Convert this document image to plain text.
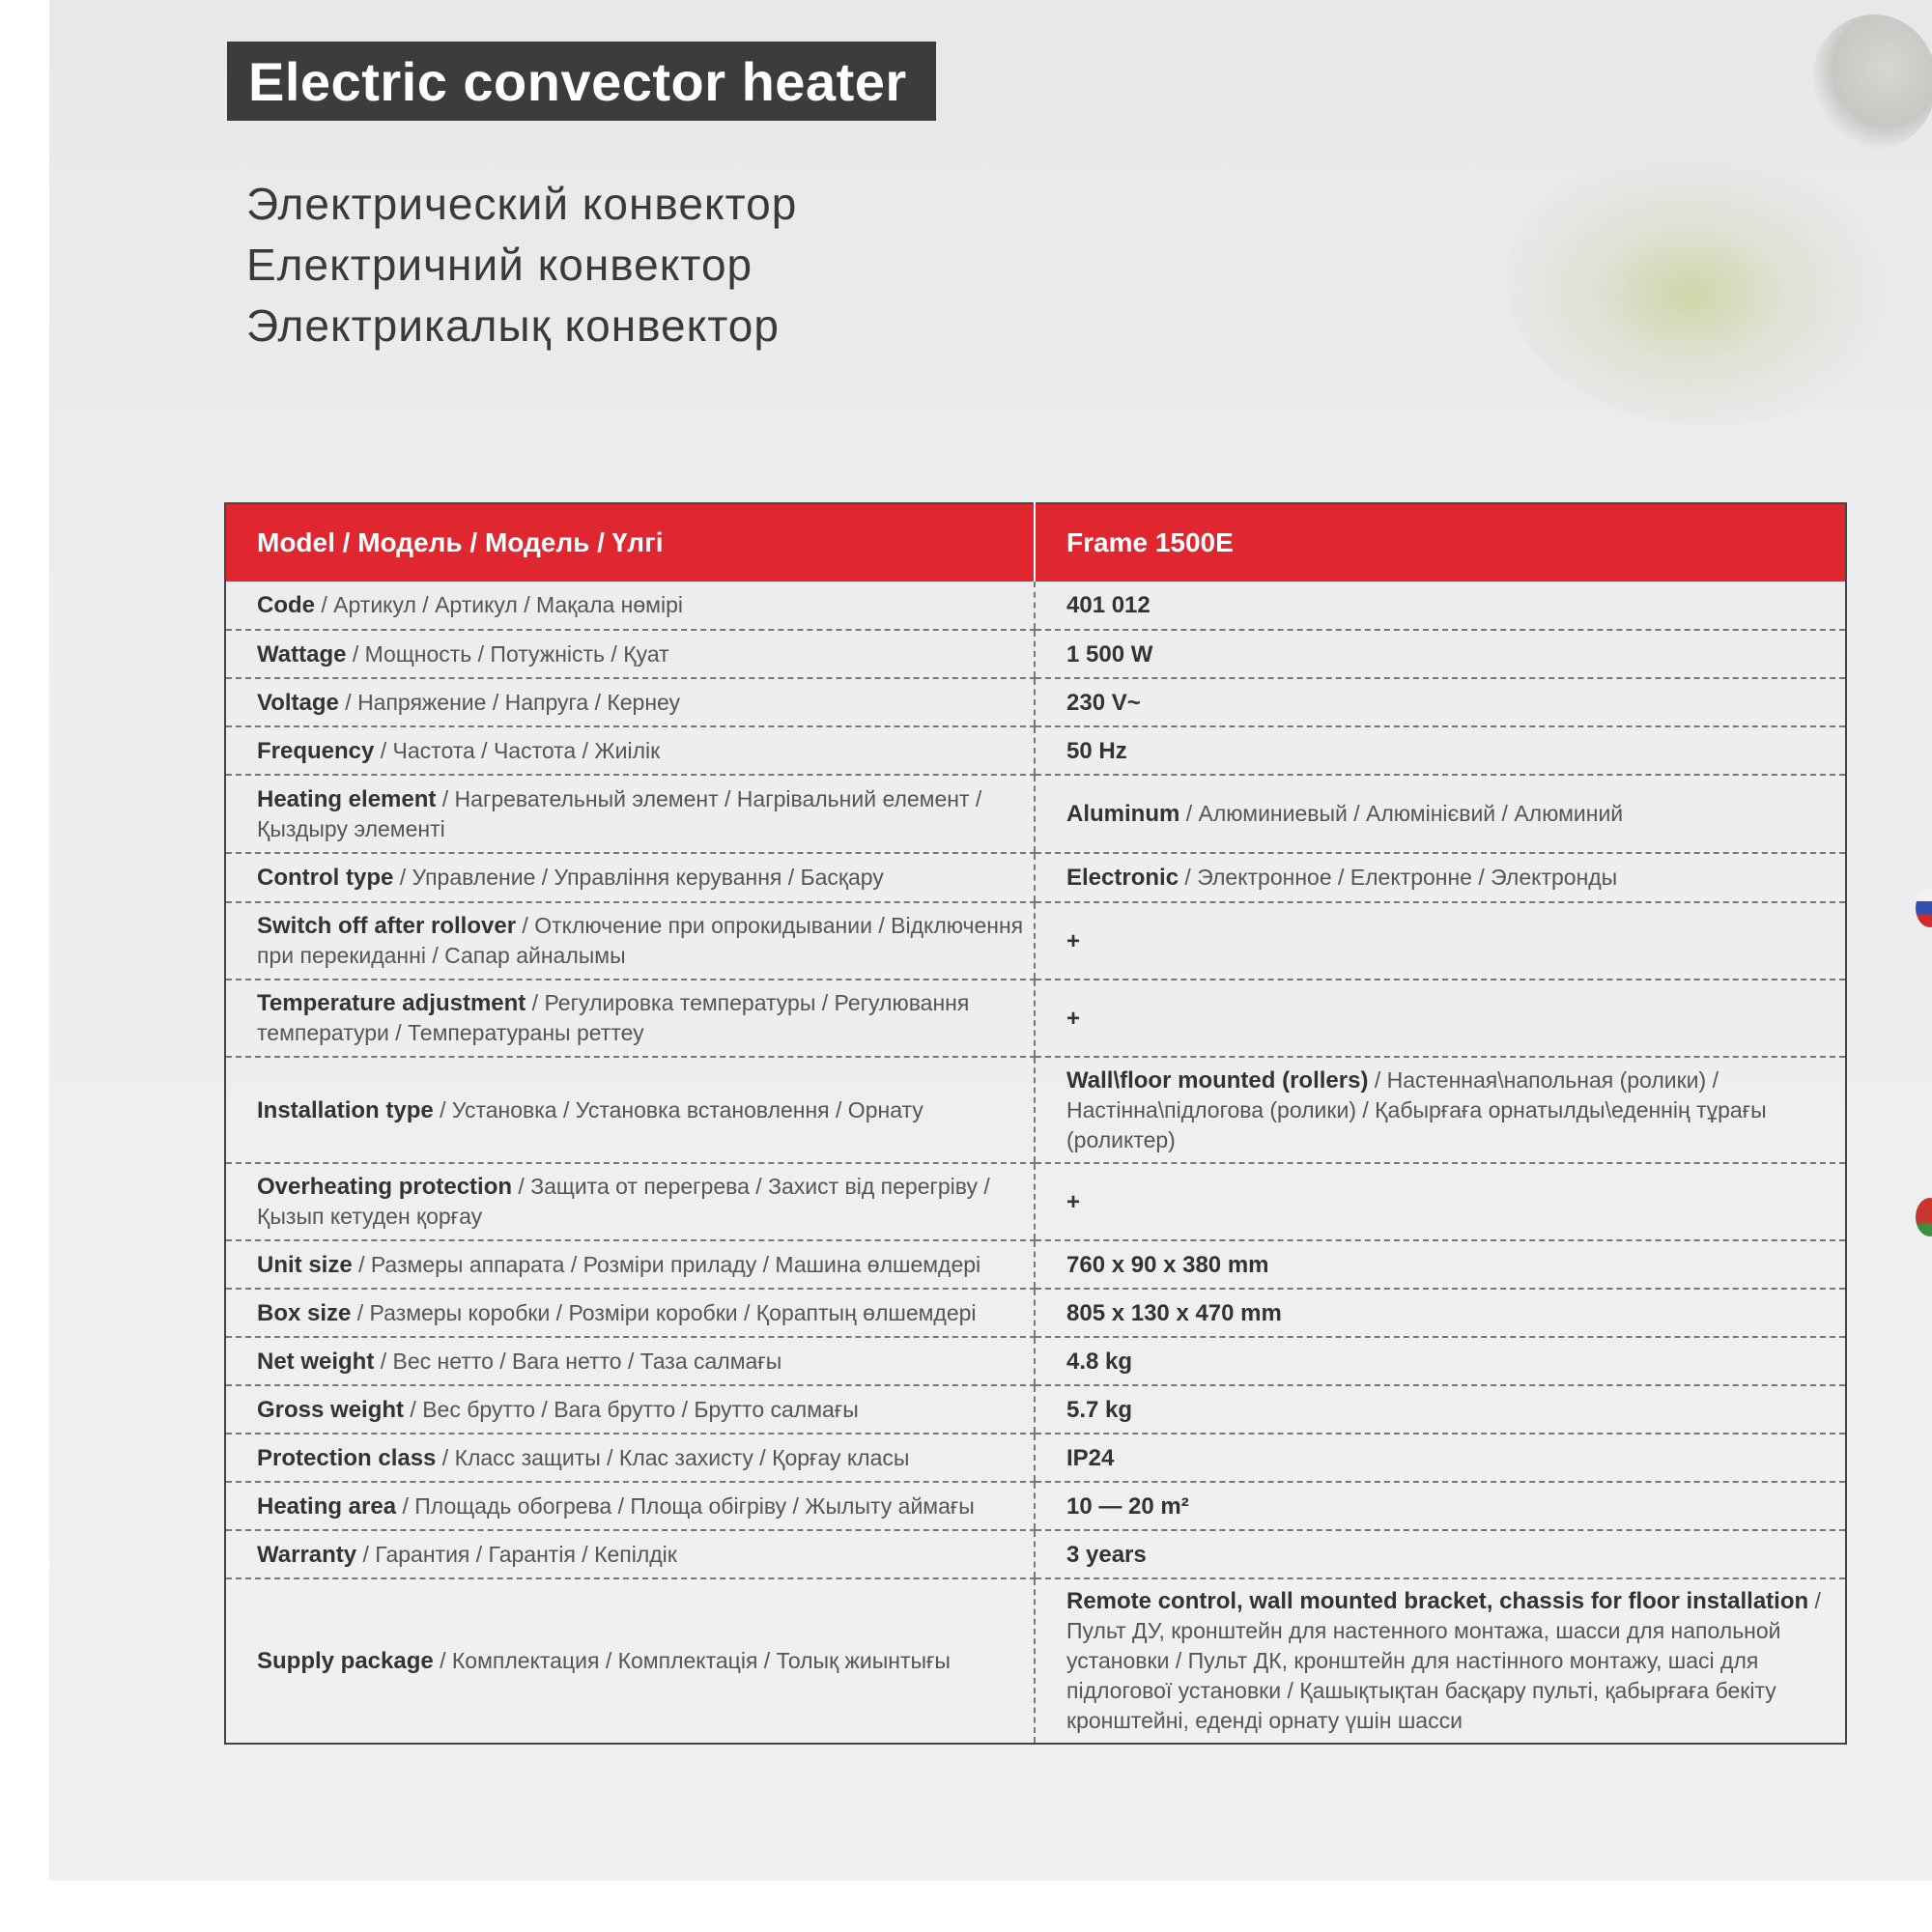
Electric convector heater
Электрический конвектор
Електричний конвектор
Электрикалық конвектор
Model / Модель / Модель / Үлгі	Frame 1500E
Code / Артикул / Артикул / Мақала нөмірі	401 012
Wattage / Мощность / Потужність / Қуат	1 500 W
Voltage / Напряжение / Напруга / Кернеу	230 V~
Frequency / Частота / Частота / Жиілік	50 Hz
Heating element / Нагревательный элемент / Нагрівальний елемент / Қыздыру элементі	Aluminum / Алюминиевый / Алюмінієвий / Алюминий
Control type / Управление / Управління керування / Басқару	Electronic / Электронное / Електронне / Электронды
Switch off after rollover / Отключение при опрокидывании / Відключення при перекиданні / Сапар айналымы	+
Temperature adjustment / Регулировка температуры / Регулювання температури / Температураны реттеу	+
Installation type / Установка / Установка встановлення / Орнату	Wall\floor mounted (rollers) / Настенная\напольная (ролики) / Настінна\підлогова (ролики) / Қабырғаға орнатылды\еденнің тұрағы (роликтер)
Overheating protection / Защита от перегрева / Захист від перегріву / Қызып кетуден қорғау	+
Unit size / Размеры аппарата / Розміри приладу / Машина өлшемдері	760 x 90 x 380 mm
Box size / Размеры коробки / Розміри коробки / Қорaптың өлшемдері	805 x 130 x 470 mm
Net weight / Вес нетто / Вага нетто / Таза салмағы	4.8 kg
Gross weight / Вес брутто / Вага брутто / Брутто салмағы	5.7 kg
Protection class / Класс защиты / Клас захисту / Қорғау класы	IP24
Heating area / Площадь обогрева / Площа обігріву / Жылыту аймағы	10 — 20 m²
Warranty / Гарантия / Гарантія / Кепілдік	3 years
Supply package / Комплектация / Комплектація / Толық жиынтығы	Remote control, wall mounted bracket, chassis for floor installation / Пульт ДУ, кронштейн для настенного монтажа, шасси для напольной установки / Пульт ДК, кронштейн для настінного монтажу, шасі для підлогової установки / Қашықтықтан басқару пульті, қабырғаға бекіту кронштейні, еденді орнату үшін шасси
